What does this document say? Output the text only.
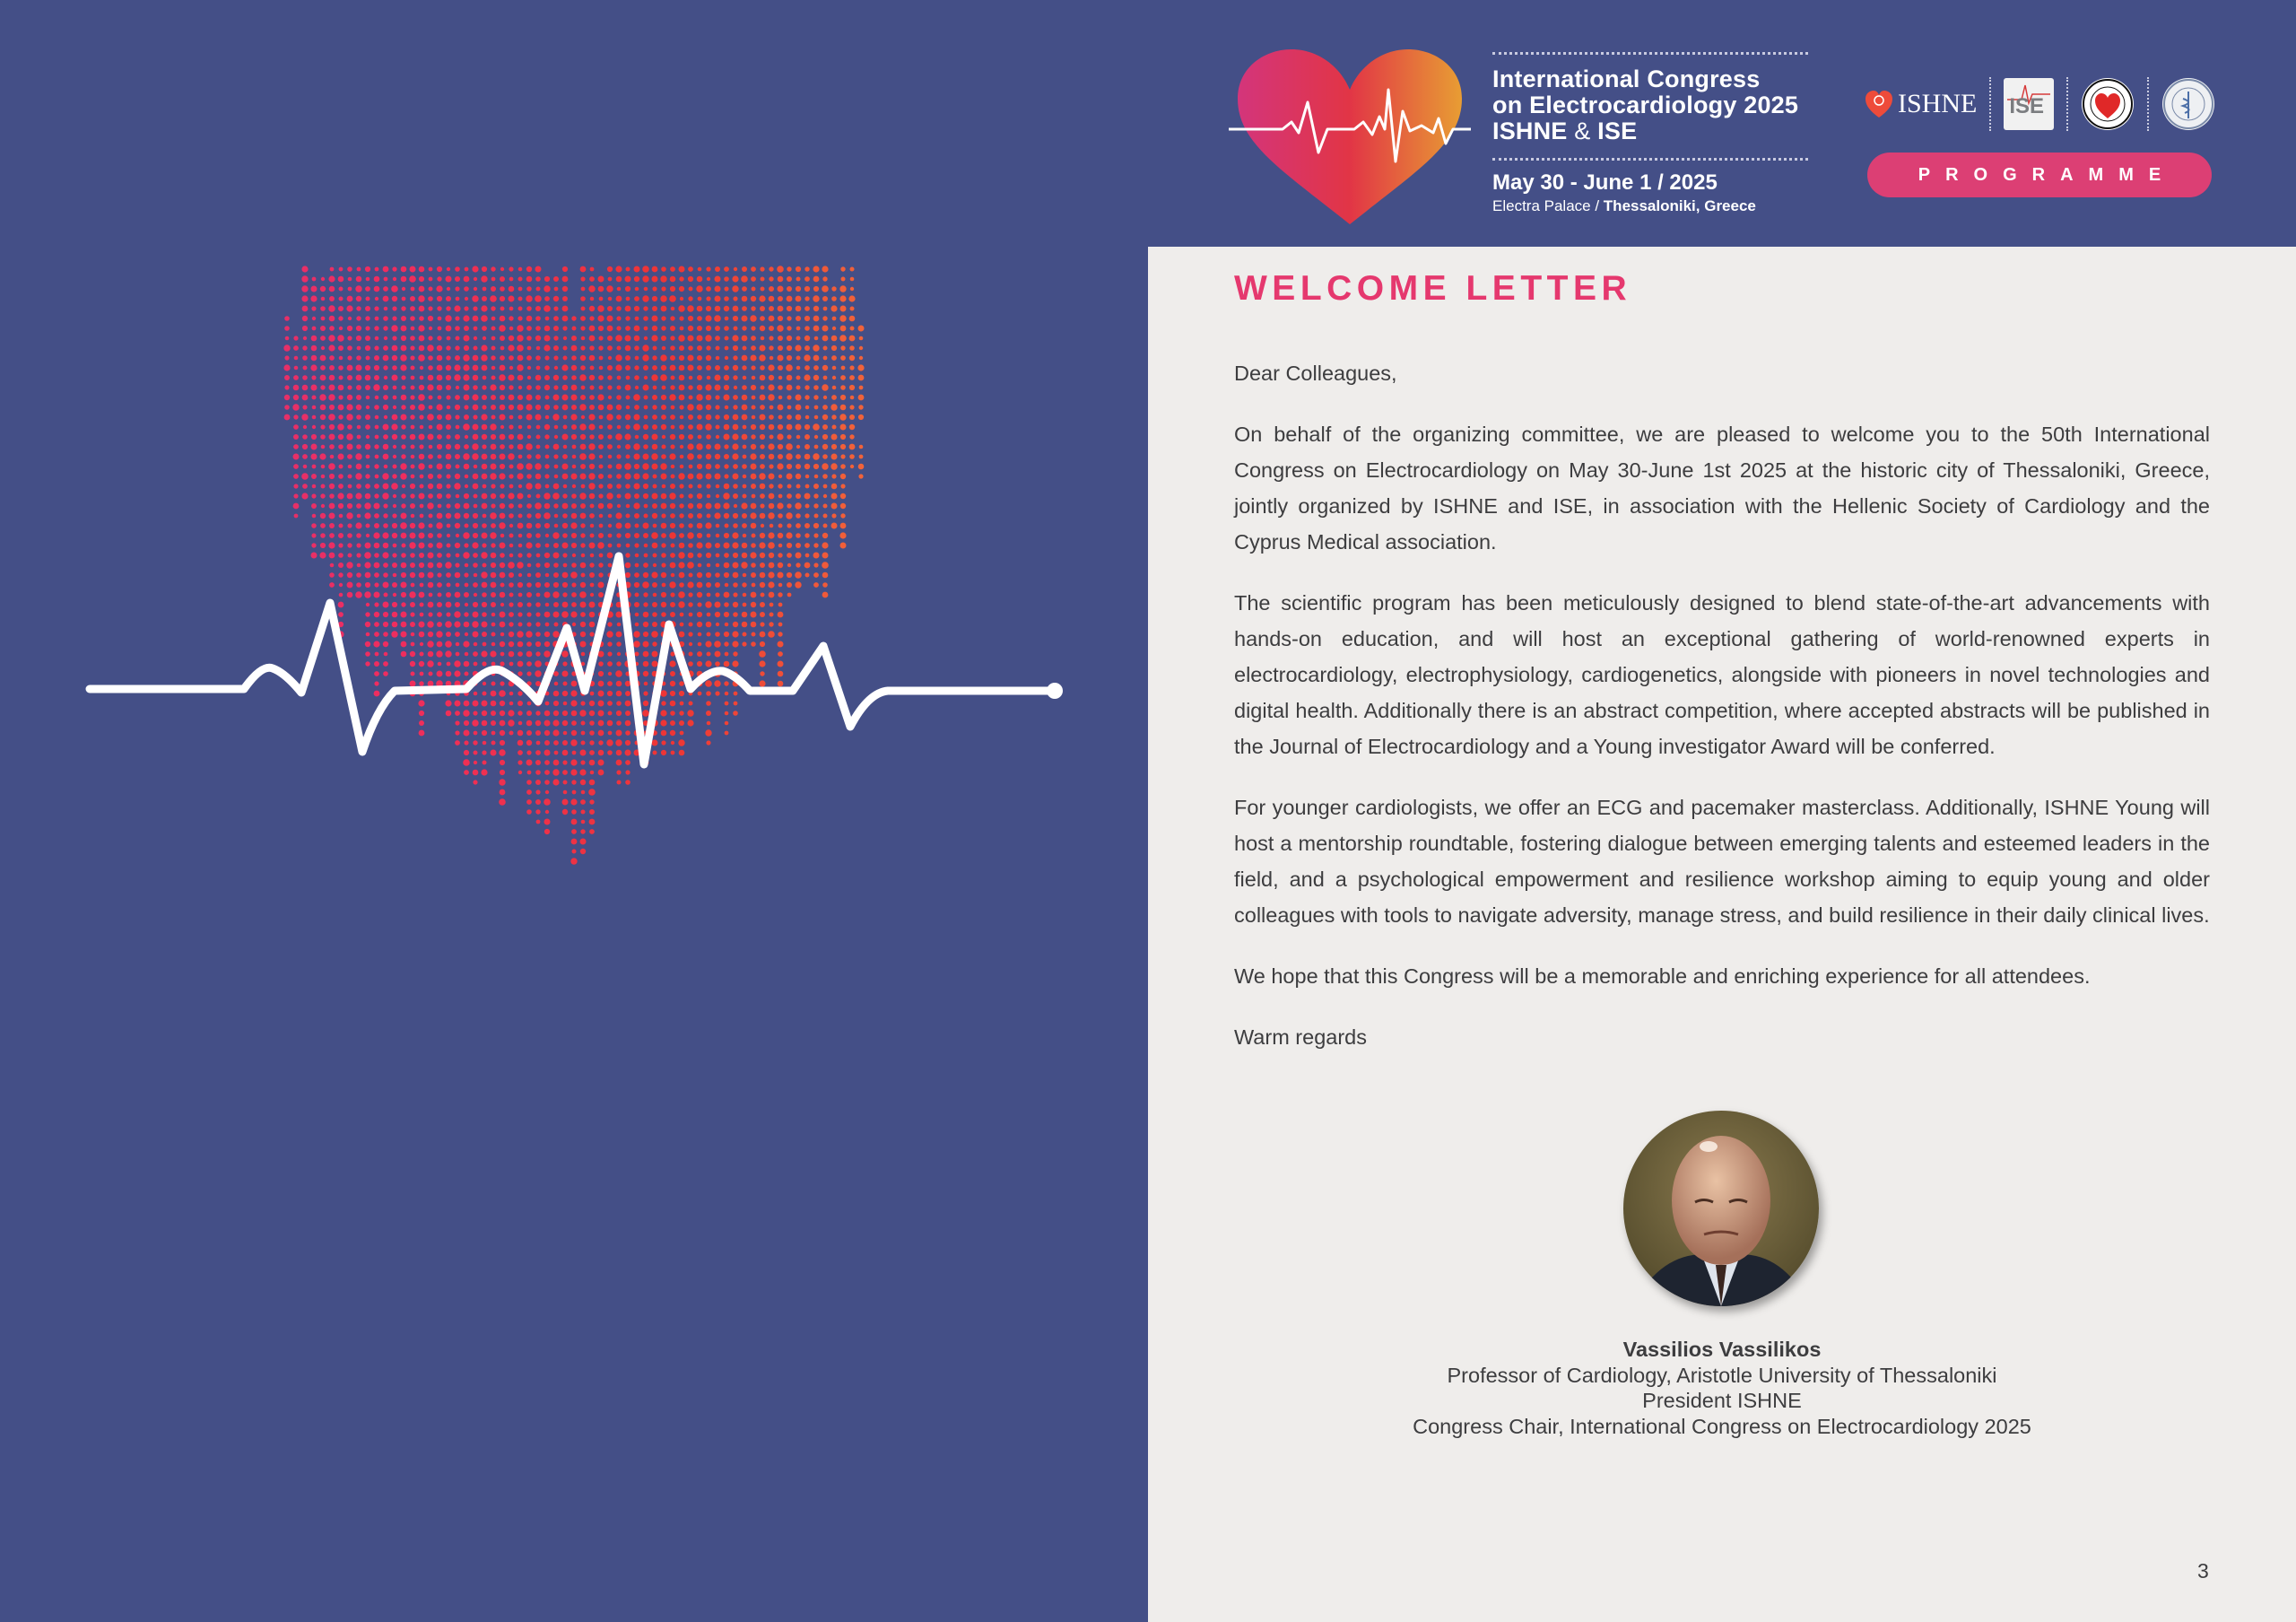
International Congress
on Electrocardiology 2025
ISHNE & ISE
May 30 - June 1 / 2025
Electra Palace / Thessaloniki, Greece
ISHNE ISE
PROGRAMME
WELCOME LETTER

Dear Colleagues,

On behalf of the organizing committee, we are pleased to welcome you to the 50th International Congress on Electrocardiology on May 30-June 1st 2025 at the historic city of Thessaloniki, Greece, jointly organized by ISHNE and ISE, in association with the Hellenic Society of Cardiology and the Cyprus Medical association.

The scientific program has been meticulously designed to blend state-of-the-art advancements with hands-on education, and will host an exceptional gathering of world-renowned experts in electrocardiology, electrophysiology, cardiogenetics, alongside with pioneers in novel technologies and digital health. Additionally there is an abstract competition, where accepted abstracts will be published in the Journal of Electrocardiology and a Young investigator Award will be conferred.

For younger cardiologists, we offer an ECG and pacemaker masterclass. Additionally, ISHNE Young will host a mentorship roundtable, fostering dialogue between emerging talents and esteemed leaders in the field, and a psychological empowerment and resilience workshop aiming to equip young and older colleagues with tools to navigate adversity, manage stress, and build resilience in their daily clinical lives.

We hope that this Congress will be a memorable and enriching experience for all attendees.

Warm regards

Vassilios Vassilikos
Professor of Cardiology, Aristotle University of Thessaloniki
President ISHNE
Congress Chair, International Congress on Electrocardiology 2025
3
